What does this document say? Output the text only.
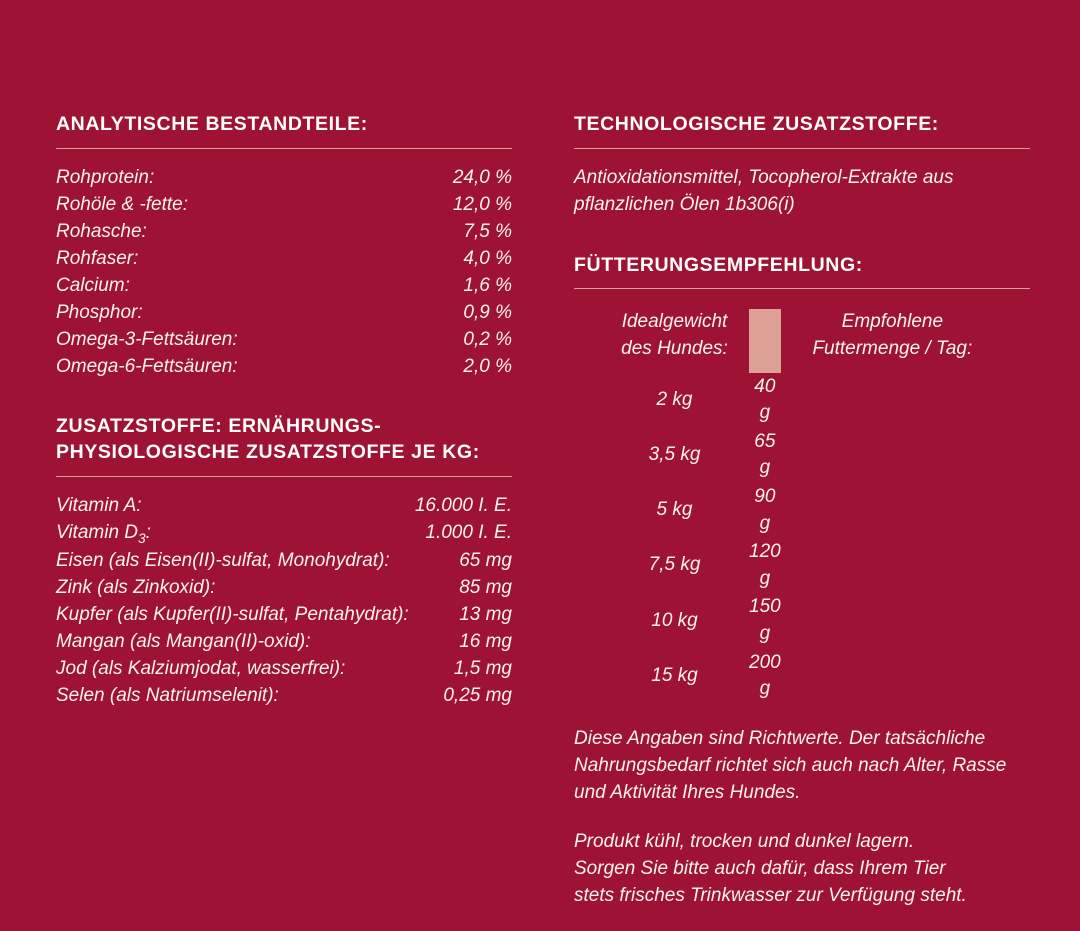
ANALYTISCHE BESTANDTEILE:
Rohprotein:	24,0 %
Rohöle & -fette:	12,0 %
Rohasche:	7,5 %
Rohfaser:	4,0 %
Calcium:	1,6 %
Phosphor:	0,9 %
Omega-3-Fettsäuren:	0,2 %
Omega-6-Fettsäuren:	2,0 %
ZUSATZSTOFFE: ERNÄHRUNGS-
PHYSIOLOGISCHE ZUSATZSTOFFE JE KG:
Vitamin A:	16.000 I. E.
Vitamin $D_3$:	1.000 I. E.
Eisen (als Eisen(II)-sulfat, Monohydrat):	65 mg
Zink (als Zinkoxid):	85 mg
Kupfer (als Kupfer(II)-sulfat, Pentahydrat):	13 mg
Mangan (als Mangan(II)-oxid):	16 mg
Jod (als Kalziumjodat, wasserfrei):	1,5 mg
Selen (als Natriumselenit):	0,25 mg
TECHNOLOGISCHE ZUSATZSTOFFE:

Antioxidationsmittel, Tocopherol-Extrakte aus pflanzlichen Ölen 1b306(i)

FÜTTERUNGSEMPFEHLUNG:
Idealgewicht
des Hundes:		Empfohlene
Futtermenge / Tag:
2 kg	40 g	
3,5 kg	65 g	
5 kg	90 g	
7,5 kg	120 g	
10 kg	150 g	
15 kg	200 g	

Diese Angaben sind Richtwerte. Der tatsächliche Nahrungsbedarf richtet sich auch nach Alter, Rasse und Aktivität Ihres Hundes.

Produkt kühl, trocken und dunkel lagern.
Sorgen Sie bitte auch dafür, dass Ihrem Tier
stets frisches Trinkwasser zur Verfügung steht.
